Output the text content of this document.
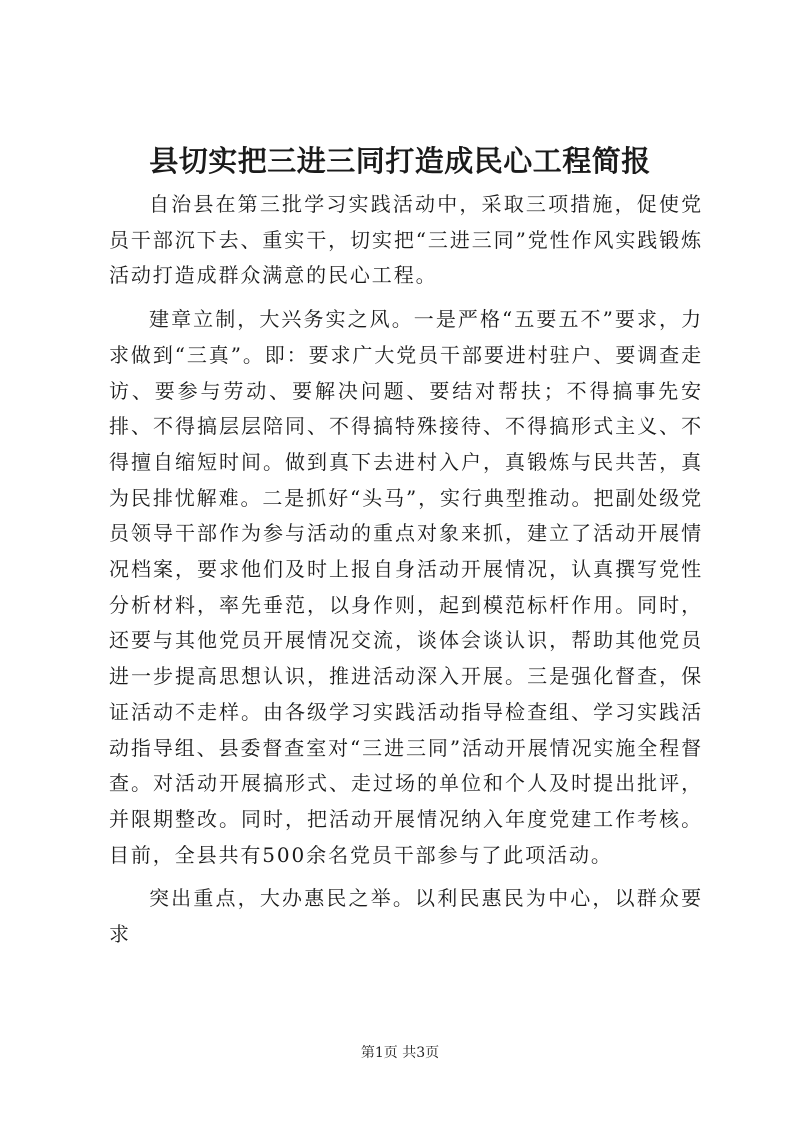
县切实把三进三同打造成民心工程简报

自治县在第三批学习实践活动中，采取三项措施，促使党员干部沉下去、重实干，切实把“三进三同”党性作风实践锻炼活动打造成群众满意的民心工程。

建章立制，大兴务实之风。一是严格“五要五不”要求，力求做到“三真”。即：要求广大党员干部要进村驻户、要调查走访、要参与劳动、要解决问题、要结对帮扶；不得搞事先安排、不得搞层层陪同、不得搞特殊接待、不得搞形式主义、不得擅自缩短时间。做到真下去进村入户，真锻炼与民共苦，真为民排忧解难。二是抓好“头马”，实行典型推动。把副处级党员领导干部作为参与活动的重点对象来抓，建立了活动开展情况档案，要求他们及时上报自身活动开展情况，认真撰写党性分析材料，率先垂范，以身作则，起到模范标杆作用。同时，还要与其他党员开展情况交流，谈体会谈认识，帮助其他党员进一步提高思想认识，推进活动深入开展。三是强化督查，保证活动不走样。由各级学习实践活动指导检查组、学习实践活动指导组、县委督查室对“三进三同”活动开展情况实施全程督查。对活动开展搞形式、走过场的单位和个人及时提出批评，并限期整改。同时，把活动开展情况纳入年度党建工作考核。目前，全县共有500余名党员干部参与了此项活动。

突出重点，大办惠民之举。以利民惠民为中心，以群众要求

第1页 共3页
